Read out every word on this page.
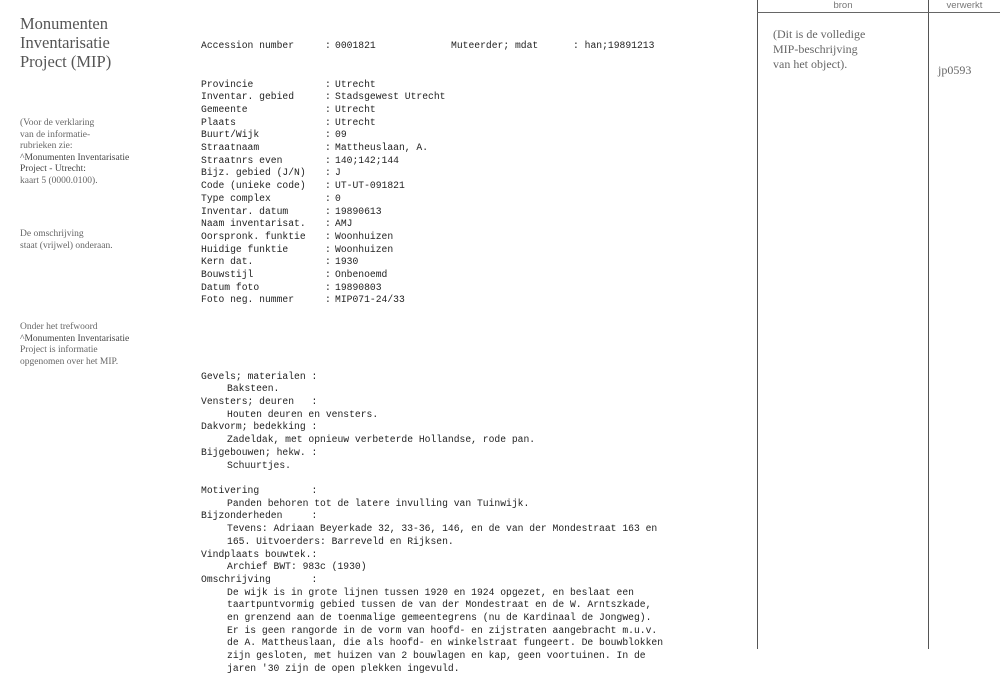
Monumenten
Inventarisatie
Project (MIP)
(Voor de verklaring
van de informatie-
rubrieken zie:
^Monumenten Inventarisatie
Project - Utrecht:
kaart 5 (0000.0100).
De omschrijving
staat (vrijwel) onderaan.
Onder het trefwoord
^Monumenten Inventarisatie
Project is informatie
opgenomen over het MIP.

Accession number	: 0001821	Muteerder; mdat	: han;19891213

Provincie	: Utrecht
Inventar. gebied	: Stadsgewest Utrecht
Gemeente	: Utrecht
Plaats	: Utrecht
Buurt/Wijk	: 09
Straatnaam	: Mattheuslaan, A.
Straatnrs even	: 140;142;144
Bijz. gebied (J/N)	: J
Code (unieke code)	: UT-UT-091821
Type complex	: 0
Inventar. datum	: 19890613
Naam inventarisat.	: AMJ
Oorspronk. funktie	: Woonhuizen
Huidige funktie	: Woonhuizen
Kern dat.	: 1930
Bouwstijl	: Onbenoemd
Datum foto	: 19890803
Foto neg. nummer	: MIP071-24/33

Gevels; materialen :
Baksteen.
Vensters; deuren   :
Houten deuren en vensters.
Dakvorm; bedekking :
Zadeldak, met opnieuw verbeterde Hollandse, rode pan.
Bijgebouwen; hekw. :
Schuurtjes.
Motivering         :
Panden behoren tot de latere invulling van Tuinwijk.
Bijzonderheden     :
Tevens: Adriaan Beyerkade 32, 33-36, 146, en de van der Mondestraat 163 en
165. Uitvoerders: Barreveld en Rijksen.
Vindplaats bouwtek.:
Archief BWT: 983c (1930)
Omschrijving       :
De wijk is in grote lijnen tussen 1920 en 1924 opgezet, en beslaat een
taartpuntvormig gebied tussen de van der Mondestraat en de W. Arntszkade,
en grenzend aan de toenmalige gemeentegrens (nu de Kardinaal de Jongweg).
Er is geen rangorde in de vorm van hoofd- en zijstraten aangebracht m.u.v.
de A. Mattheuslaan, die als hoofd- en winkelstraat fungeert. De bouwblokken
zijn gesloten, met huizen van 2 bouwlagen en kap, geen voortuinen. In de
jaren '30 zijn de open plekken ingevuld.

bron	verwerkt
(Dit is de volledige
MIP-beschrijving
van het object).	jp0593
